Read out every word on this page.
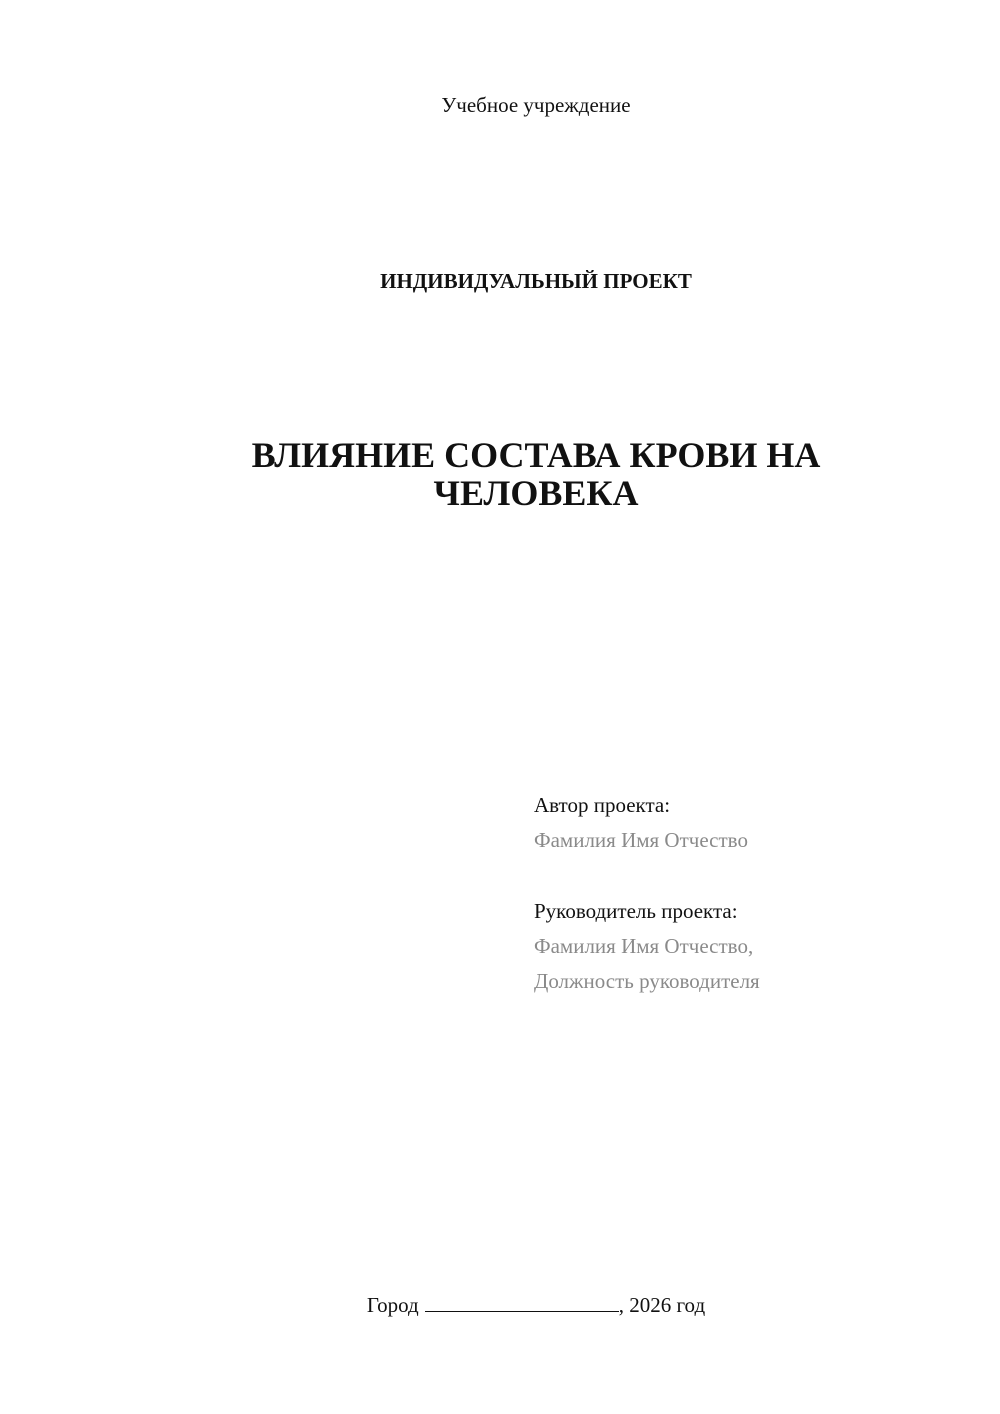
Учебное учреждение
ИНДИВИДУАЛЬНЫЙ ПРОЕКТ
ВЛИЯНИЕ СОСТАВА КРОВИ НА
ЧЕЛОВЕКА
Автор проекта:
Фамилия Имя Отчество
Руководитель проекта:
Фамилия Имя Отчество,
Должность руководителя
Город	, 2026 год
